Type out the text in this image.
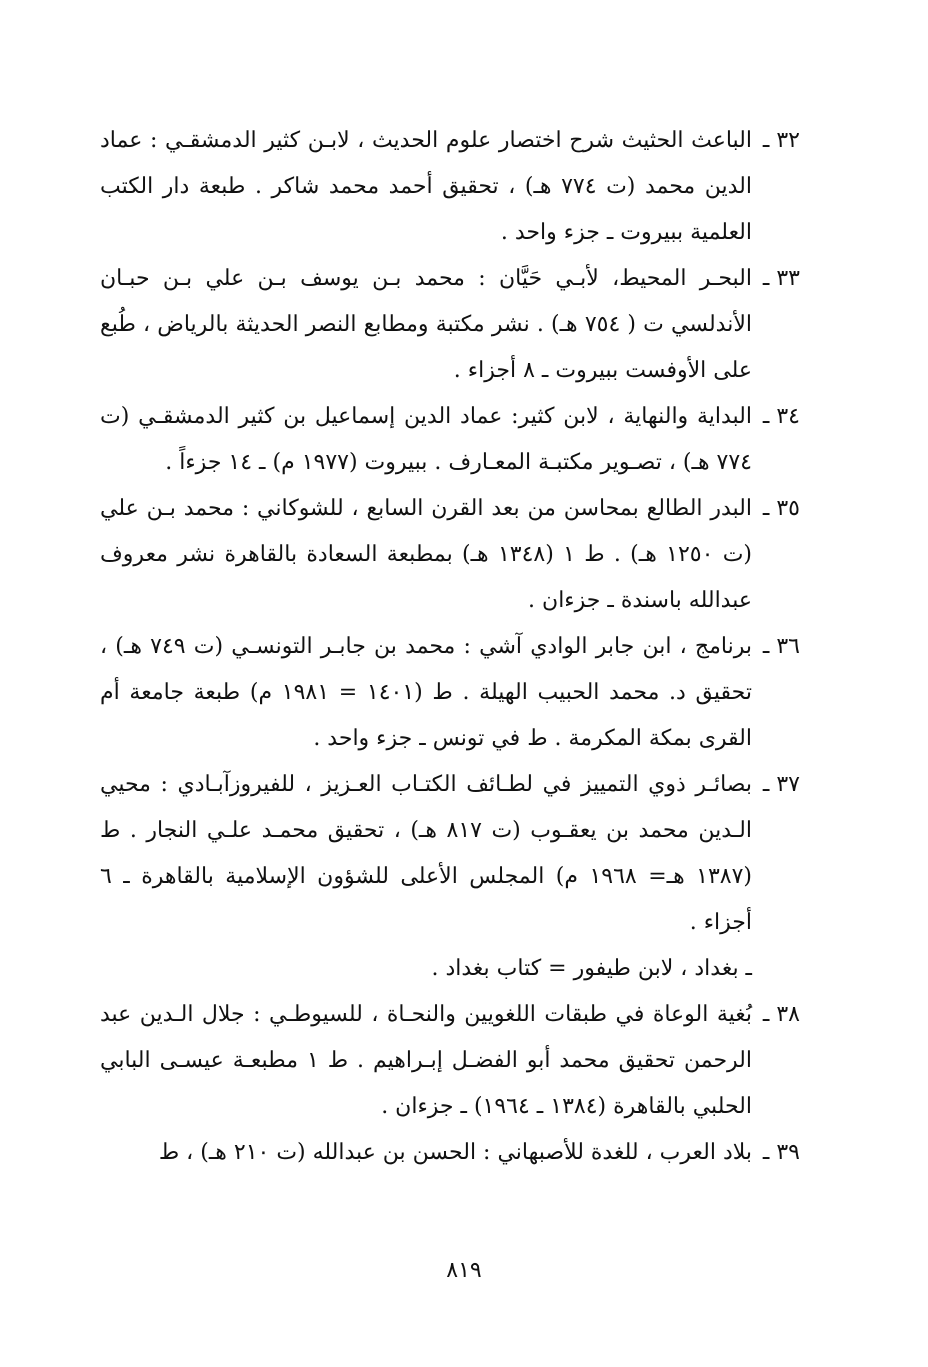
٣٢ ـ
الباعث الحثيث شرح اختصار علوم الحديث ، لابـن كثير الدمشقـي : عماد الدين محمد (ت ٧٧٤ هـ) ، تحقيق أحمد محمد شاكر . طبعة دار الكتب العلمية ببيروت ـ جزء واحد .

٣٣ ـ
البحـر المحيط، لأبـي حَيَّان : محمد بـن يوسف بـن علي بـن حبـان الأندلسي ت ( ٧٥٤ هـ) . نشر مكتبة ومطابع النصر الحديثة بالرياض ، طُبع على الأوفست ببيروت ـ ٨ أجزاء .

٣٤ ـ
البداية والنهاية ، لابن كثير: عماد الدين إسماعيل بن كثير الدمشقـي (ت ٧٧٤ هـ) ، تصـوير مكتبـة المعـارف . ببيروت (١٩٧٧ م) ـ ١٤ جزءاً .

٣٥ ـ
البدر الطالع بمحاسن من بعد القرن السابع ، للشوكاني : محمد بـن علي (ت ١٢٥٠ هـ) . ط ١ (١٣٤٨ هـ) بمطبعة السعادة بالقاهرة نشر معروف عبدالله باسندة ـ جزءان .

٣٦ ـ
برنامج ، ابن جابر الوادي آشي : محمد بن جابـر التونسـي (ت ٧٤٩ هـ) ، تحقيق د. محمد الحبيب الهيلة . ط (١٤٠١ = ١٩٨١ م) طبعة جامعة أم القرى بمكة المكرمة . ط في تونس ـ جزء واحد .

٣٧ ـ
بصائـر ذوي التمييز في لطـائف الكتـاب العـزيز ، للفيروزآبـادي : محيي الـدين محمد بن يعقـوب (ت ٨١٧ هـ) ، تحقيق محمـد علـي النجار . ط (١٣٨٧ هـ= ١٩٦٨ م) المجلس الأعلى للشؤون الإسلامية بالقاهرة ـ ٦ أجزاء .

ـ بغداد ، لابن طيفور = كتاب بغداد .

٣٨ ـ
بُغية الوعاة في طبقات اللغويين والنحـاة ، للسيوطـي : جلال الـدين عبد الرحمن تحقيق محمد أبو الفضـل إبـراهيم . ط ١ مطبعـة عيسـى البابي الحلبي بالقاهرة (١٣٨٤ ـ ١٩٦٤) ـ جزءان .

٣٩ ـ
بلاد العرب ، للغدة للأصبهاني : الحسن بن عبدالله (ت ٢١٠ هـ) ، ط

٨١٩
